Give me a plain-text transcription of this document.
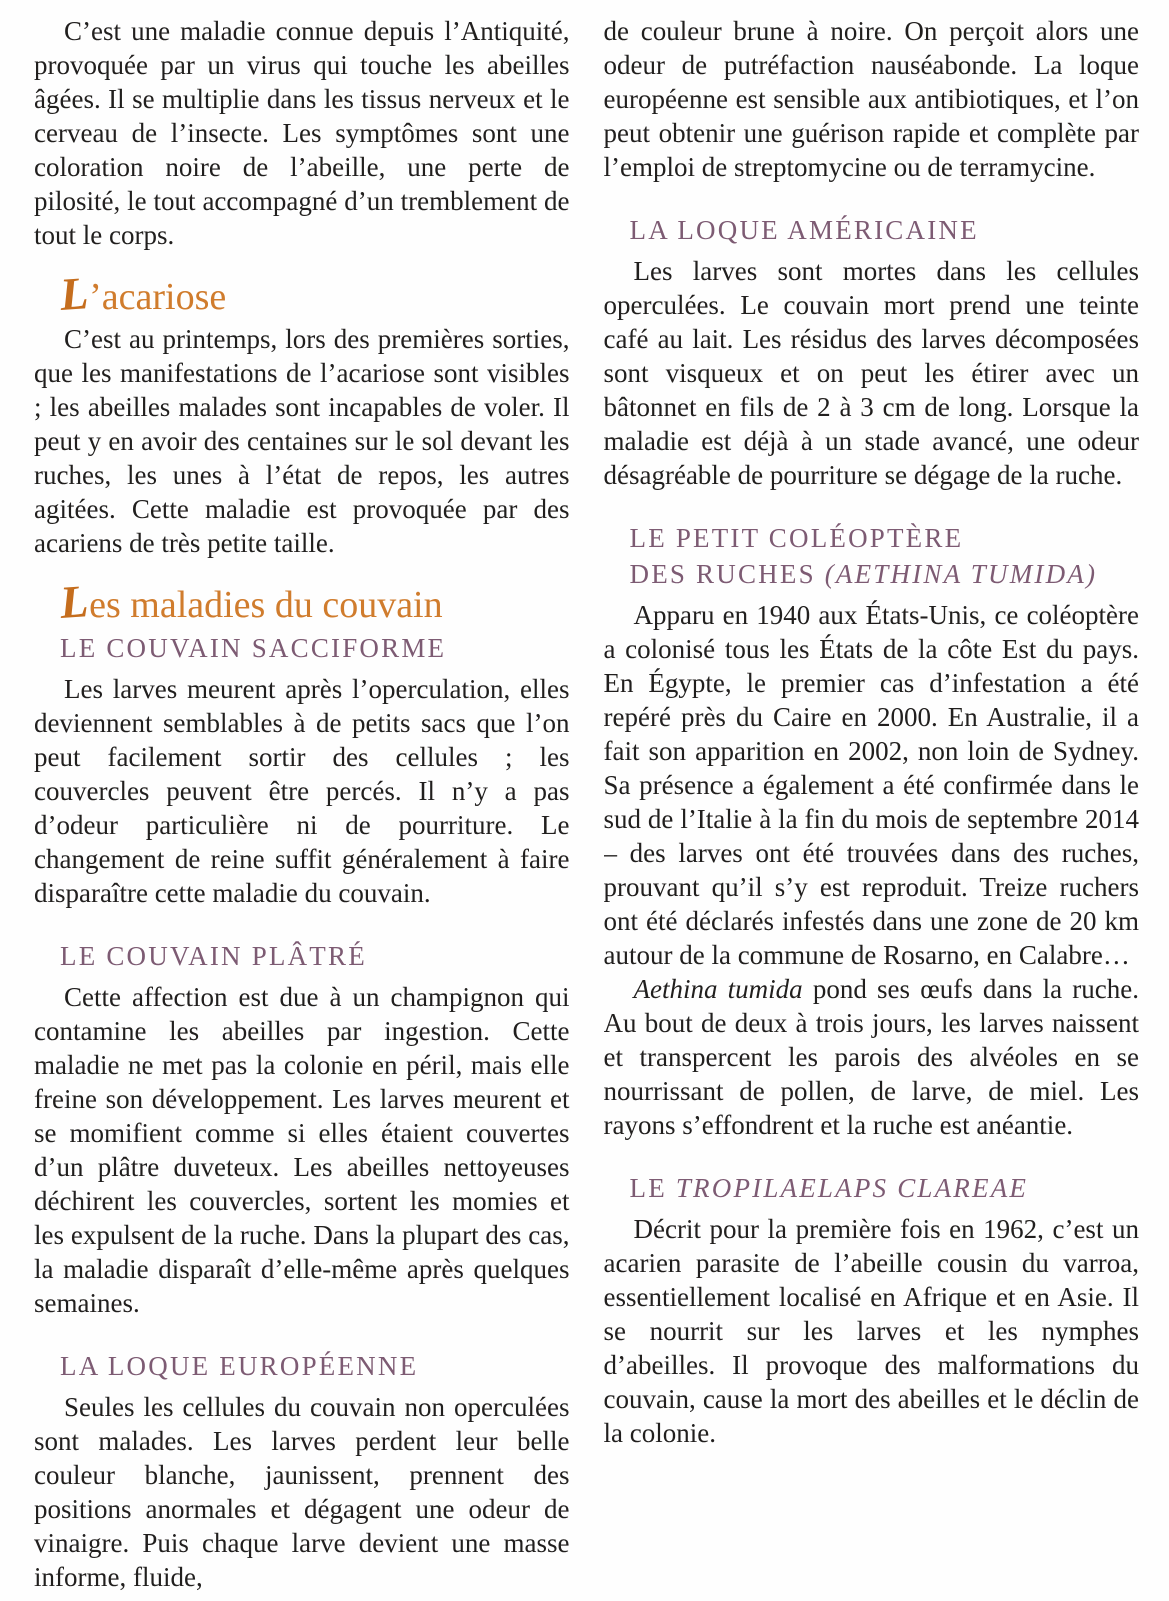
C’est une maladie connue depuis l’Antiquité, provoquée par un virus qui touche les abeilles âgées. Il se multiplie dans les tissus nerveux et le cerveau de l’insecte. Les symptômes sont une coloration noire de l’abeille, une perte de pilosité, le tout accompagné d’un tremblement de tout le corps.

L’acariose

C’est au printemps, lors des premières sorties, que les manifestations de l’acariose sont visibles ; les abeilles malades sont incapables de voler. Il peut y en avoir des centaines sur le sol devant les ruches, les unes à l’état de repos, les autres agitées. Cette maladie est provoquée par des acariens de très petite taille.

Les maladies du couvain
LE COUVAIN SACCIFORME

Les larves meurent après l’operculation, elles deviennent semblables à de petits sacs que l’on peut facilement sortir des cellules ; les couvercles peuvent être percés. Il n’y a pas d’odeur particulière ni de pourriture. Le changement de reine suffit généralement à faire disparaître cette maladie du couvain.

LE COUVAIN PLÂTRÉ

Cette affection est due à un champignon qui contamine les abeilles par ingestion. Cette maladie ne met pas la colonie en péril, mais elle freine son développement. Les larves meurent et se momifient comme si elles étaient couvertes d’un plâtre duveteux. Les abeilles nettoyeuses déchirent les couvercles, sortent les momies et les expulsent de la ruche. Dans la plupart des cas, la maladie disparaît d’elle-même après quelques semaines.

LA LOQUE EUROPÉENNE

Seules les cellules du couvain non operculées sont malades. Les larves perdent leur belle couleur blanche, jaunissent, prennent des positions anormales et dégagent une odeur de vinaigre. Puis chaque larve devient une masse informe, fluide,

de couleur brune à noire. On perçoit alors une odeur de putréfaction nauséabonde. La loque européenne est sensible aux antibiotiques, et l’on peut obtenir une guérison rapide et complète par l’emploi de streptomycine ou de terramycine.

LA LOQUE AMÉRICAINE

Les larves sont mortes dans les cellules operculées. Le couvain mort prend une teinte café au lait. Les résidus des larves décomposées sont visqueux et on peut les étirer avec un bâtonnet en fils de 2 à 3 cm de long. Lorsque la maladie est déjà à un stade avancé, une odeur désagréable de pourriture se dégage de la ruche.

LE PETIT COLÉOPTÈRE
DES RUCHES (AETHINA TUMIDA)

Apparu en 1940 aux États-Unis, ce coléoptère a colonisé tous les États de la côte Est du pays. En Égypte, le premier cas d’infestation a été repéré près du Caire en 2000. En Australie, il a fait son apparition en 2002, non loin de Sydney. Sa présence a également a été confirmée dans le sud de l’Italie à la fin du mois de septembre 2014 – des larves ont été trouvées dans des ruches, prouvant qu’il s’y est reproduit. Treize ruchers ont été déclarés infestés dans une zone de 20 km autour de la commune de Rosarno, en Calabre…

Aethina tumida pond ses œufs dans la ruche. Au bout de deux à trois jours, les larves naissent et transpercent les parois des alvéoles en se nourrissant de pollen, de larve, de miel. Les rayons s’effondrent et la ruche est anéantie.

LE TROPILAELAPS CLAREAE

Décrit pour la première fois en 1962, c’est un acarien parasite de l’abeille cousin du varroa, essentiellement localisé en Afrique et en Asie. Il se nourrit sur les larves et les nymphes d’abeilles. Il provoque des malformations du couvain, cause la mort des abeilles et le déclin de la colonie.
